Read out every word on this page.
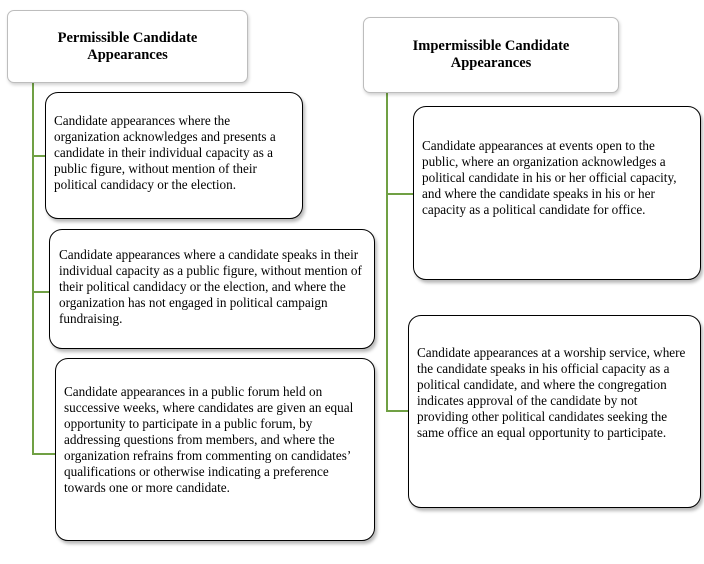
Permissible Candidate Appearances
Candidate appearances where the organization acknowledges and presents a candidate in their individual capacity as a public figure, without mention of their political candidacy or the election.
Candidate appearances where a candidate speaks in their individual capacity as a public figure, without mention of their political candidacy or the election, and where the organization has not engaged in political campaign fundraising.
Candidate appearances in a public forum held on successive weeks, where candidates are given an equal opportunity to participate in a public forum, by addressing questions from members, and where the organization refrains from commenting on candidates’ qualifications or otherwise indicating a preference towards one or more candidate.
Impermissible Candidate Appearances
Candidate appearances at events open to the public, where an organization acknowledges a political candidate in his or her official capacity, and where the candidate speaks in his or her capacity as a political candidate for office.
Candidate appearances at a worship service, where the candidate speaks in his official capacity as a political candidate, and where the congregation indicates approval of the candidate by not providing other political candidates seeking the same office an equal opportunity to participate.
